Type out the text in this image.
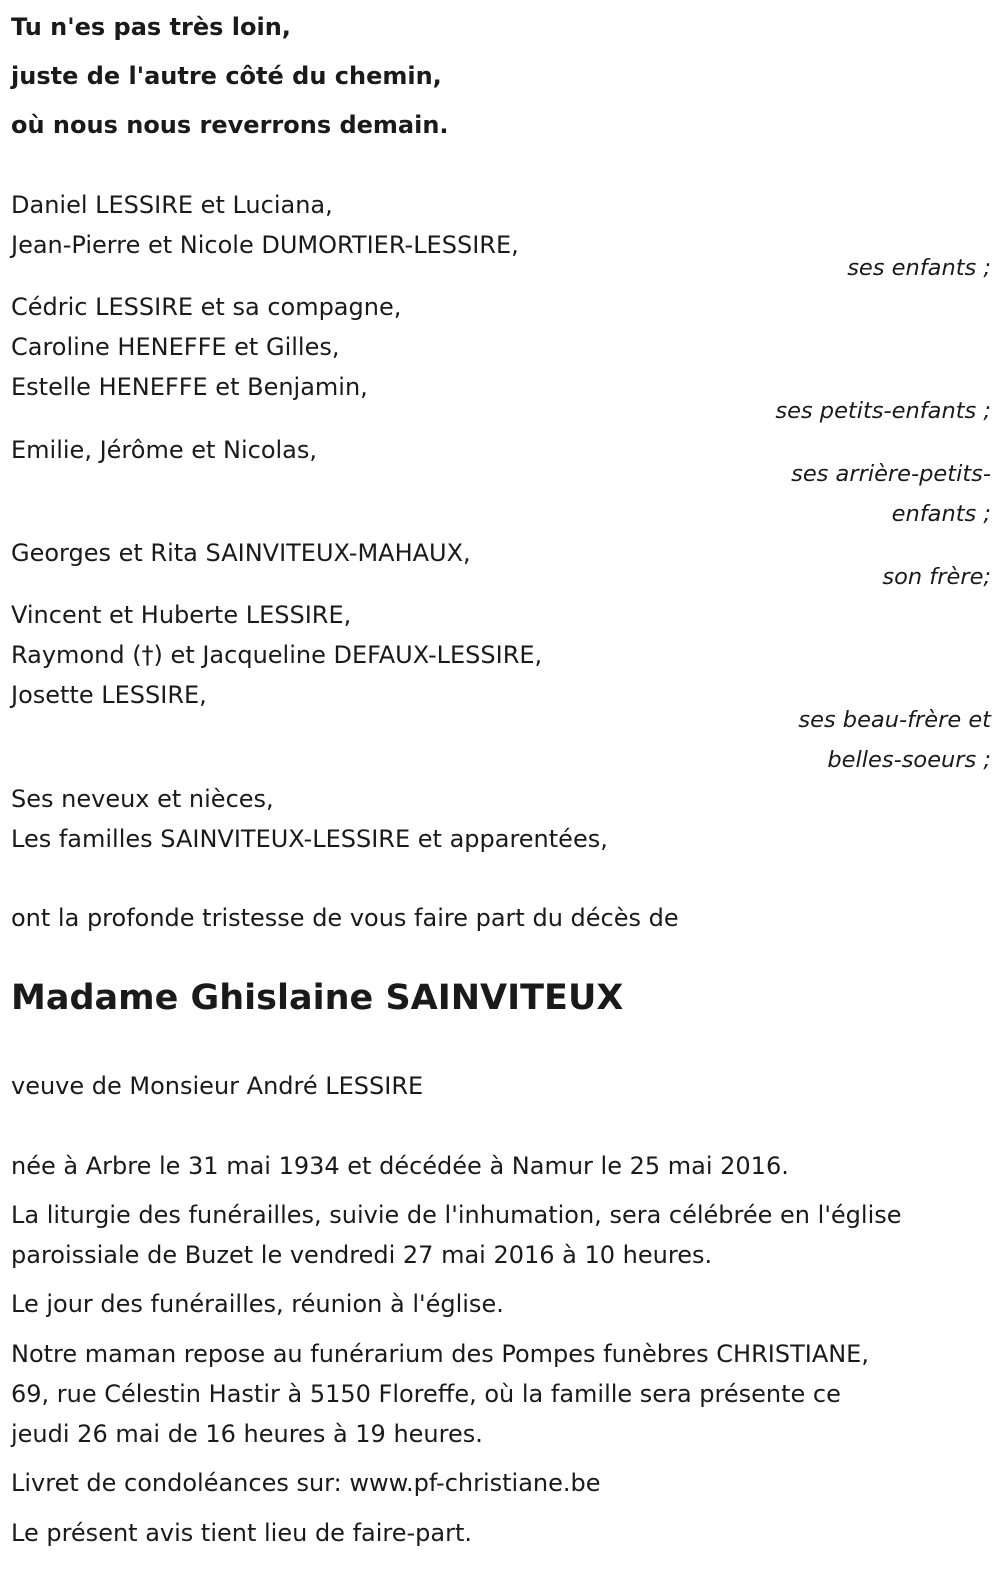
Tu n'es pas très loin,
juste de l'autre côté du chemin,
où nous nous reverrons demain.
Daniel LESSIRE et Luciana,
Jean-Pierre et Nicole DUMORTIER-LESSIRE,
ses enfants ;
Cédric LESSIRE et sa compagne,
Caroline HENEFFE et Gilles,
Estelle HENEFFE et Benjamin,
ses petits-enfants ;
Emilie, Jérôme et Nicolas,
ses arrière-petits-
enfants ;
Georges et Rita SAINVITEUX-MAHAUX,
son frère;
Vincent et Huberte LESSIRE,
Raymond (†) et Jacqueline DEFAUX-LESSIRE,
Josette LESSIRE,
ses beau-frère et
belles-soeurs ;
Ses neveux et nièces,
Les familles SAINVITEUX-LESSIRE et apparentées,
ont la profonde tristesse de vous faire part du décès de
Madame Ghislaine SAINVITEUX
veuve de Monsieur André LESSIRE
née à Arbre le 31 mai 1934 et décédée à Namur le 25 mai 2016.
La liturgie des funérailles, suivie de l'inhumation, sera célébrée en l'église
paroissiale de Buzet le vendredi 27 mai 2016 à 10 heures.
Le jour des funérailles, réunion à l'église.
Notre maman repose au funérarium des Pompes funèbres CHRISTIANE,
69, rue Célestin Hastir à 5150 Floreffe, où la famille sera présente ce
jeudi 26 mai de 16 heures à 19 heures.
Livret de condoléances sur: www.pf-christiane.be
Le présent avis tient lieu de faire-part.
